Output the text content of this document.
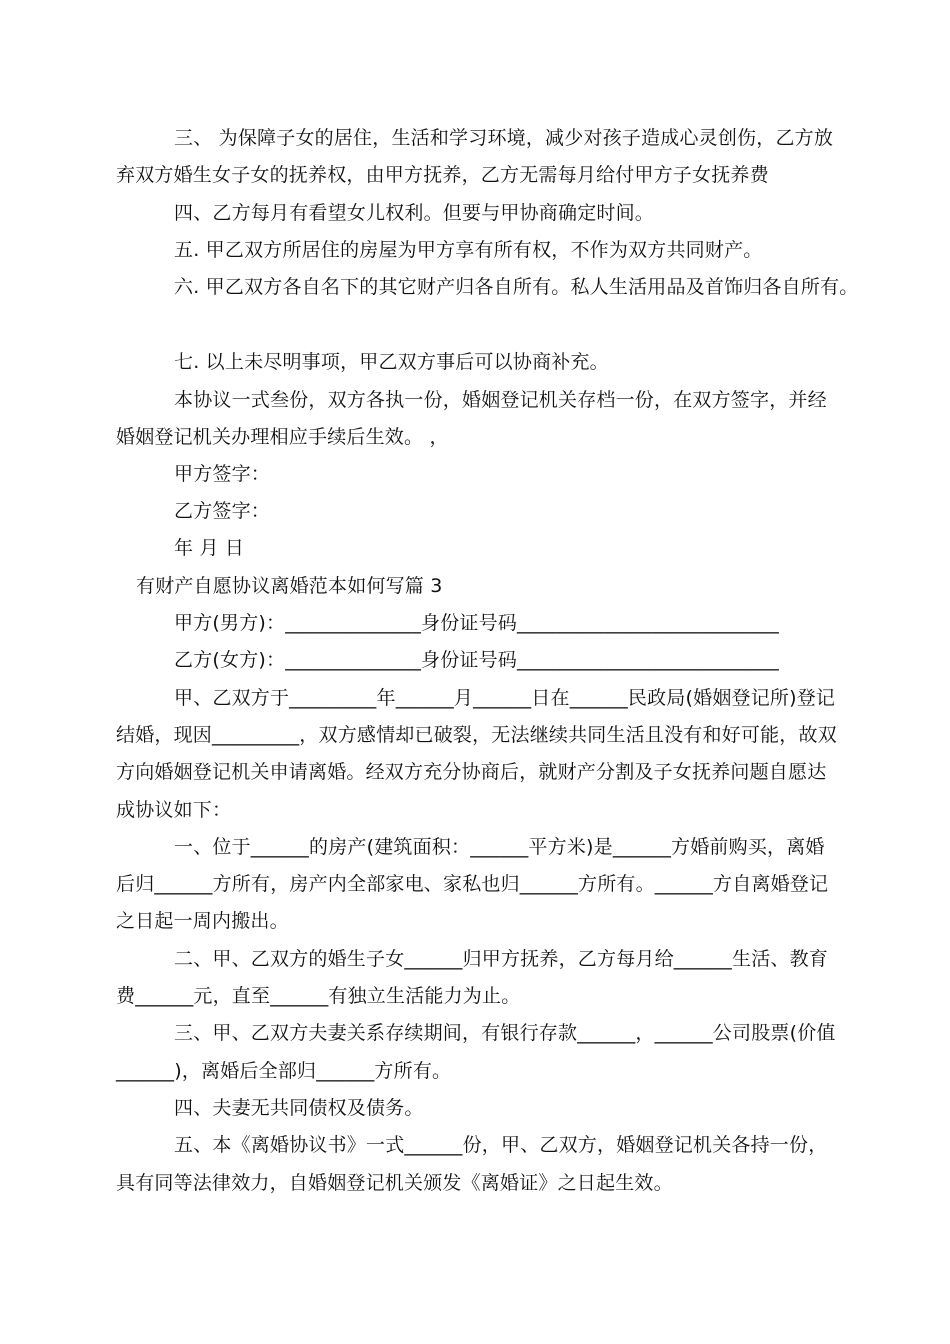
三、 为保障子女的居住，生活和学习环境，减少对孩子造成心灵创伤，乙方放
弃双方婚生女子女的抚养权，由甲方抚养，乙方无需每月给付甲方子女抚养费
四、乙方每月有看望女儿权利。但要与甲协商确定时间。
五. 甲乙双方所居住的房屋为甲方享有所有权，不作为双方共同财产。
六. 甲乙双方各自名下的其它财产归各自所有。私人生活用品及首饰归各自所有。
七. 以上未尽明事项，甲乙双方事后可以协商补充。
本协议一式叁份，双方各执一份，婚姻登记机关存档一份，在双方签字，并经
婚姻登记机关办理相应手续后生效。 ，
甲方签字：
乙方签字：
年 月 日
有财产自愿协议离婚范本如何写篇 3
甲方(男方)：______________身份证号码___________________________
乙方(女方)：______________身份证号码___________________________
甲、乙双方于_________年______月______日在______民政局(婚姻登记所)登记
结婚，现因_________，双方感情却已破裂，无法继续共同生活且没有和好可能，故双
方向婚姻登记机关申请离婚。经双方充分协商后，就财产分割及子女抚养问题自愿达
成协议如下：
一、位于______的房产(建筑面积：______平方米)是______方婚前购买，离婚
后归______方所有，房产内全部家电、家私也归______方所有。______方自离婚登记
之日起一周内搬出。
二、甲、乙双方的婚生子女______归甲方抚养，乙方每月给______生活、教育
费______元，直至______有独立生活能力为止。
三、甲、乙双方夫妻关系存续期间，有银行存款______，______公司股票(价值
______)，离婚后全部归______方所有。
四、夫妻无共同债权及债务。
五、本《离婚协议书》一式______份，甲、乙双方，婚姻登记机关各持一份，
具有同等法律效力，自婚姻登记机关颁发《离婚证》之日起生效。
